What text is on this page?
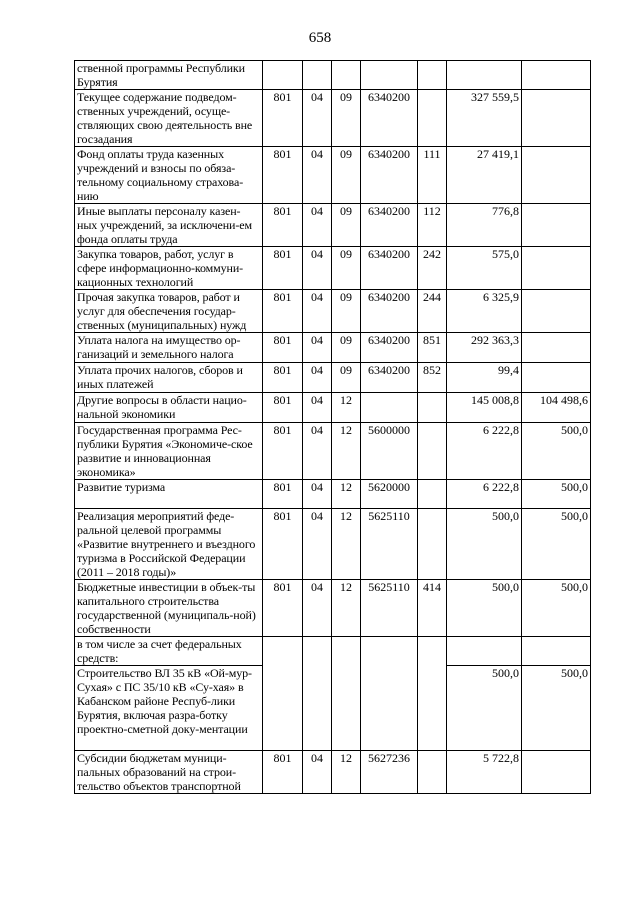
658
ственной программы Республики Бурятия							
Текущее содержание подведом-ственных учреждений, осуще-ствляющих свою деятельность вне госзадания	801	04	09	6340200		327 559,5	
Фонд оплаты труда казенных учреждений и взносы по обяза-тельному социальному страхова-нию	801	04	09	6340200	111	27 419,1	
Иные выплаты персоналу казен-ных учреждений, за исключени-ем фонда оплаты труда	801	04	09	6340200	112	776,8	
Закупка товаров, работ, услуг в сфере информационно-коммуни-кационных технологий	801	04	09	6340200	242	575,0	
Прочая закупка товаров, работ и услуг для обеспечения государ-ственных (муниципальных) нужд	801	04	09	6340200	244	6 325,9	
Уплата налога на имущество ор-ганизаций и земельного налога	801	04	09	6340200	851	292 363,3	
Уплата прочих налогов, сборов и иных платежей	801	04	09	6340200	852	99,4	
Другие вопросы в области нацио-нальной экономики	801	04	12			145 008,8	104 498,6
Государственная программа Рес-публики Бурятия «Экономиче-ское развитие и инновационная экономика»	801	04	12	5600000		6 222,8	500,0
Развитие туризма	801	04	12	5620000		6 222,8	500,0
Реализация мероприятий феде-ральной целевой программы «Развитие внутреннего и въездного туризма в Российской Федерации (2011 – 2018 годы)»	801	04	12	5625110		500,0	500,0
Бюджетные инвестиции в объек-ты капитального строительства государственной (муниципаль-ной) собственности	801	04	12	5625110	414	500,0	500,0
в том числе за счет федеральных средств:							
Строительство ВЛ 35 кВ «Ой-мур-Сухая» с ПС 35/10 кВ «Су-хая» в Кабанском районе Респуб-лики Бурятия, включая разра-ботку проектно-сметной доку-ментации						500,0	500,0
Субсидии бюджетам муници-пальных образований на строи-тельство объектов транспортной	801	04	12	5627236		5 722,8	
